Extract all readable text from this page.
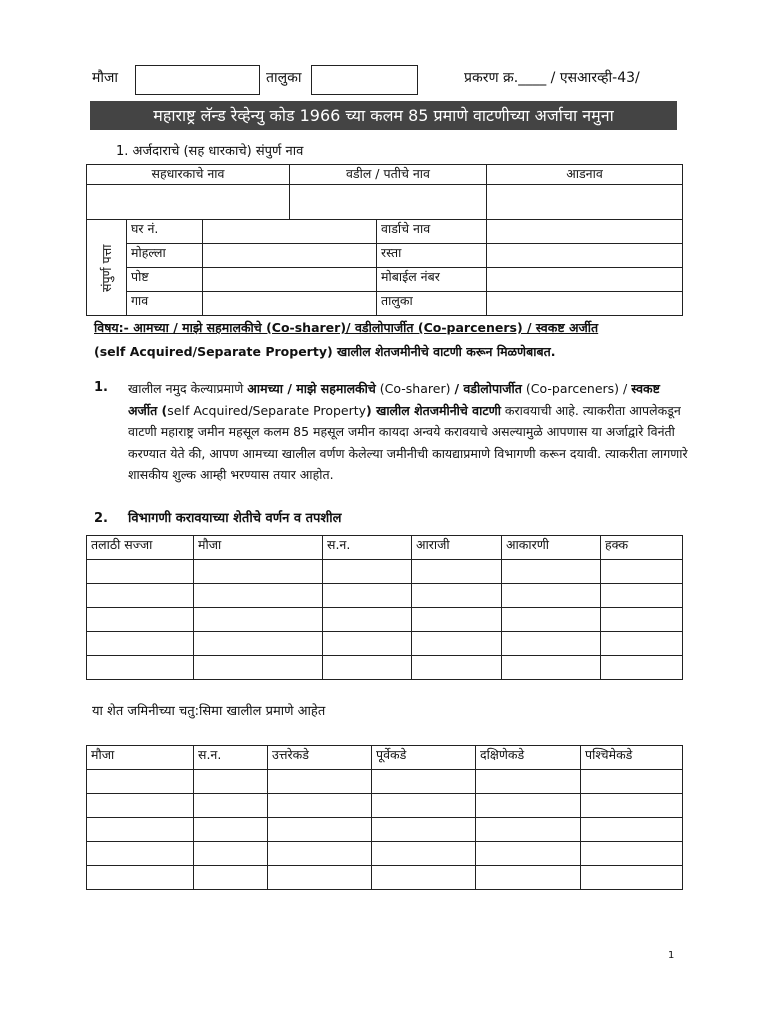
मौजा	तालुका	प्रकरण क्र.____ / एसआरव्ही-43/
महाराष्ट्र लॅन्ड रेव्हेन्यु कोड 1966 च्या कलम 85 प्रमाणे वाटणीच्या अर्जाचा नमुना
1. अर्जदाराचे (सह धारकाचे) संपुर्ण नाव
सहधारकाचे नाव	वडील / पतीचे नाव	आडनाव

संपुर्ण पत्ता	घर नं.		वार्डाचे नाव	
	मोहल्ला		रस्ता	
	पोष्ट		मोबाईल नंबर	
	गाव		तालुका	
विषय:- आमच्या / माझे सहमालकीचे (Co-sharer)/ वडीलोपार्जीत (Co-parceners) / स्वकष्ट अर्जीत
(self Acquired/Separate Property) खालील शेतजमीनीचे वाटणी करून मिळणेबाबत.
1. खालील नमुद केल्याप्रमाणे आमच्या / माझे सहमालकीचे (Co-sharer) / वडीलोपार्जीत (Co-parceners) / स्वकष्ट अर्जीत (self Acquired/Separate Property) खालील शेतजमीनीचे वाटणी करावयाची आहे. त्याकरीता आपलेकडून वाटणी महाराष्ट्र जमीन महसूल कलम 85 महसूल जमीन कायदा अन्वये करावयाचे असल्यामुळे आपणास या अर्जाद्वारे विनंती करण्यात येते की, आपण आमच्या खालील वर्णण केलेल्या जमीनीची कायद्याप्रमाणे विभागणी करून दयावी. त्याकरीता लागणारे शासकीय शुल्क आम्ही भरण्यास तयार आहोत.
2. विभागणी करावयाच्या शेतीचे वर्णन व तपशील
तलाठी सज्जा	मौजा	स.न.	आराजी	आकारणी	हक्क

या शेत जमिनीच्या चतु:सिमा खालील प्रमाणे आहेत
मौजा	स.न.	उत्तरेकडे	पूर्वेकडे	दक्षिणेकडे	पश्चिमेकडे

1
